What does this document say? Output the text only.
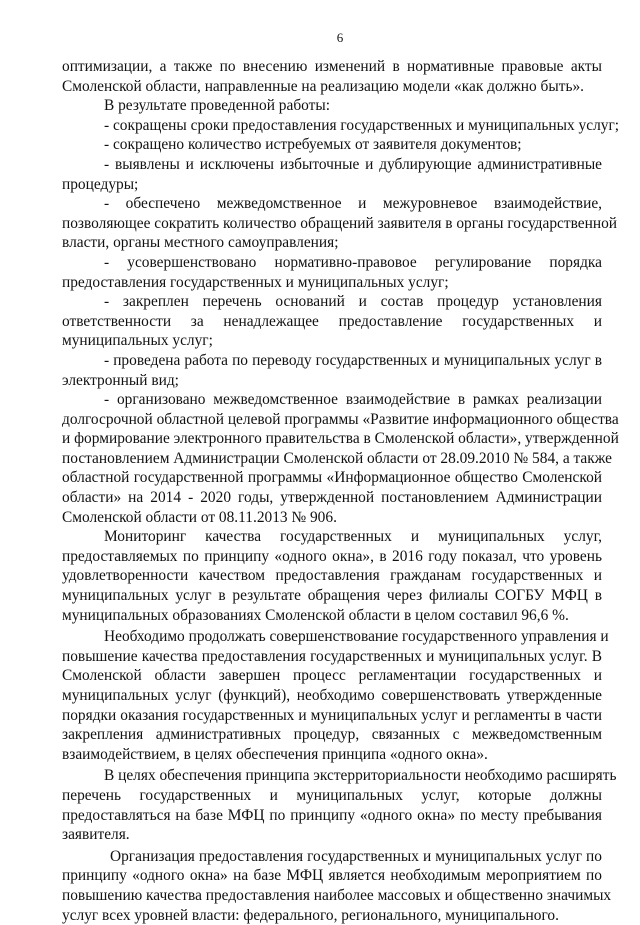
6
оптимизации, а также по внесению изменений в нормативные правовые акты
Смоленской области, направленные на реализацию модели «как должно быть».
В результате проведенной работы:
- сокращены сроки предоставления государственных и муниципальных услуг;
- сокращено количество истребуемых от заявителя документов;
- выявлены и исключены избыточные и дублирующие административные
процедуры;
- обеспечено межведомственное и межуровневое взаимодействие,
позволяющее сократить количество обращений заявителя в органы государственной
власти, органы местного самоуправления;
- усовершенствовано нормативно-правовое регулирование порядка
предоставления государственных и муниципальных услуг;
- закреплен перечень оснований и состав процедур установления
ответственности за ненадлежащее предоставление государственных и
муниципальных услуг;
- проведена работа по переводу государственных и муниципальных услуг в
электронный вид;
- организовано межведомственное взаимодействие в рамках реализации
долгосрочной областной целевой программы «Развитие информационного общества
и формирование электронного правительства в Смоленской области», утвержденной
постановлением Администрации Смоленской области от 28.09.2010 № 584, а также
областной государственной программы «Информационное общество Смоленской
области» на 2014 - 2020 годы, утвержденной постановлением Администрации
Смоленской области от 08.11.2013 № 906.
Мониторинг качества государственных и муниципальных услуг,
предоставляемых по принципу «одного окна», в 2016 году показал, что уровень
удовлетворенности качеством предоставления гражданам государственных и
муниципальных услуг в результате обращения через филиалы СОГБУ МФЦ в
муниципальных образованиях Смоленской области в целом составил 96,6 %.
Необходимо продолжать совершенствование государственного управления и
повышение качества предоставления государственных и муниципальных услуг. В
Смоленской области завершен процесс регламентации государственных и
муниципальных услуг (функций), необходимо совершенствовать утвержденные
порядки оказания государственных и муниципальных услуг и регламенты в части
закрепления административных процедур, связанных с межведомственным
взаимодействием, в целях обеспечения принципа «одного окна».
В целях обеспечения принципа экстерриториальности необходимо расширять
перечень государственных и муниципальных услуг, которые должны
предоставляться на базе МФЦ по принципу «одного окна» по месту пребывания
заявителя.
Организация предоставления государственных и муниципальных услуг по
принципу «одного окна» на базе МФЦ является необходимым мероприятием по
повышению качества предоставления наиболее массовых и общественно значимых
услуг всех уровней власти: федерального, регионального, муниципального.
